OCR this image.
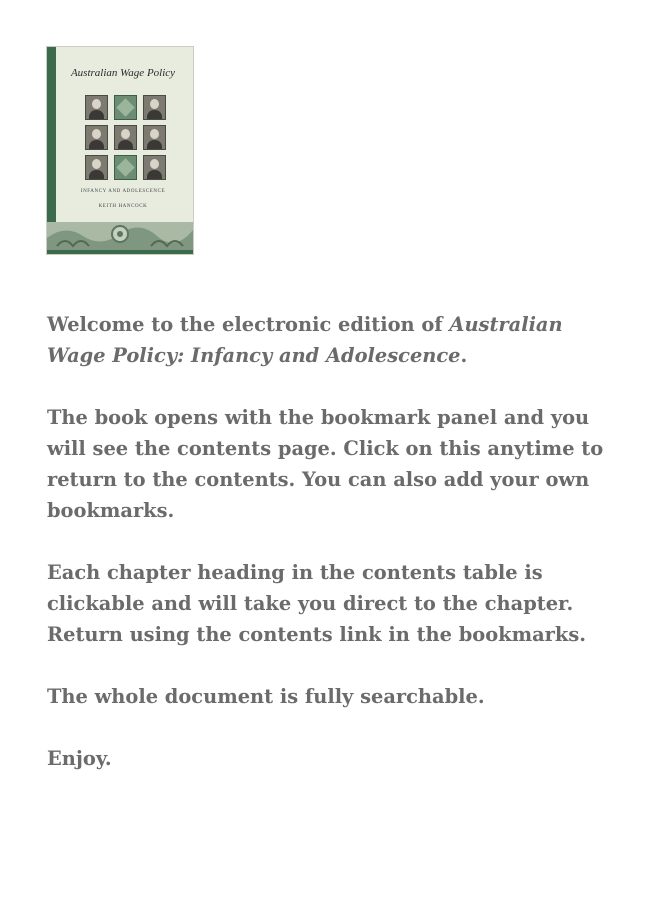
Australian Wage Policy
INFANCY AND ADOLESCENCE
KEITH HANCOCK

Welcome to the electronic edition of Australian Wage Policy: Infancy and Adolescence.

The book opens with the bookmark panel and you will see the contents page. Click on this anytime to return to the contents. You can also add your own bookmarks.

Each chapter heading in the contents table is clickable and will take you direct to the chapter. Return using the contents link in the bookmarks.

The whole document is fully searchable.

Enjoy.
